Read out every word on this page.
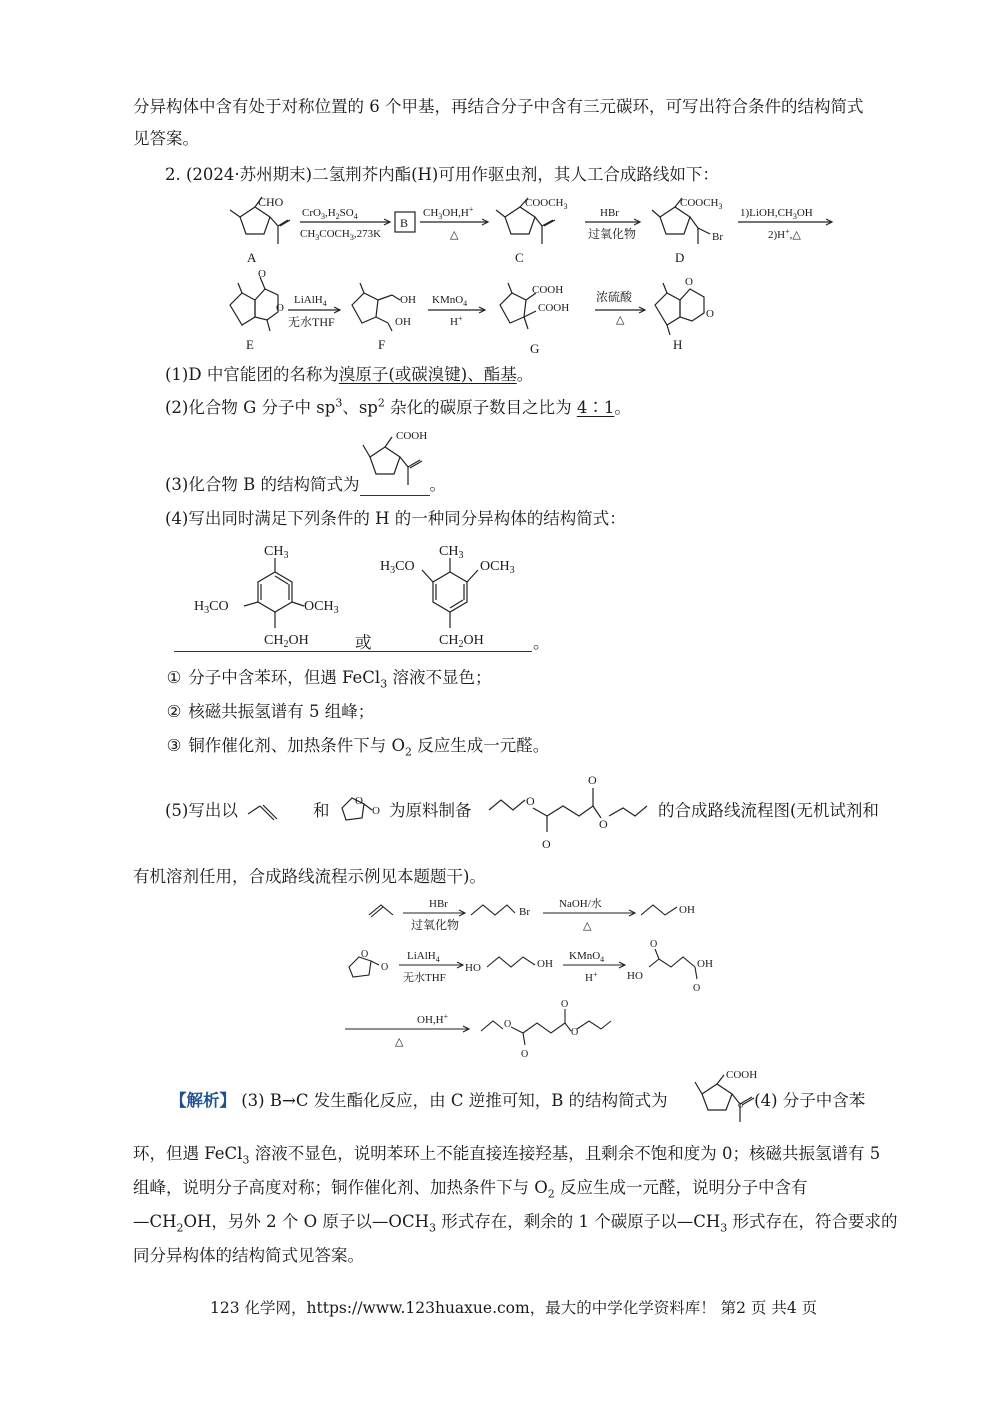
分异构体中含有处于对称位置的 6 个甲基，再结合分子中含有三元碳环，可写出符合条件的结构简式
见答案。
2. (2024·苏州期末)二氢荆芥内酯(H)可用作驱虫剂，其人工合成路线如下：
CHO
A
$CrO_3,H_2SO_4$
$CH_3COCH_3,273K$
B
$CH_3OH,H^+$
△
$COOCH_3$
C
HBr
过氧化物
$COOCH_3$
Br
D
$1)LiOH,CH_3OH$
2)H+,△
O
O
E
LiAlH$_4$
无水THF
OH
OH
F
KMnO$_4$
H+
COOH
COOH
G
浓硫酸
△
O
O
H
(1)D 中官能团的名称为溴原子(或碳溴键)、酯基。
(2)化合物 G 分子中 $sp^3$、$sp^2$ 杂化的碳原子数目之比为 4∶1。
(3)化合物 B 的结构简式为	。
COOH
(4)写出同时满足下列条件的 H 的一种同分异构体的结构简式：
$CH_3$
$H_3CO$	$OCH_3$
$CH_2OH$
$CH_3$
$H_3CO$	$OCH_3$
$CH_2OH$
或	。
① 分子中含苯环，但遇 FeCl$_3$ 溶液不显色；
② 核磁共振氢谱有 5 组峰；
③ 铜作催化剂、加热条件下与 $O_2$ 反应生成一元醛。
(5)写出以	和 O
O 为原料制备	O
O
O
O
的合成路线流程图(无机试剂和
有机溶剂任用，合成路线流程示例见本题题干)。
HBr
过氧化物
Br
NaOH/水
△
OH
O
O
LiAlH$_4$
无水THF
HO	OH
KMnO$_4$
H+	HO
O
OH
O
OH,H+
△
O
O
O
O
【解析】 (3) B→C 发生酯化反应，由 C 逆推可知，B 的结构简式为	。(4) 分子中含苯
COOH
环，但遇 FeCl$_3$ 溶液不显色，说明苯环上不能直接连接羟基，且剩余不饱和度为 0；核磁共振氢谱有 5
组峰，说明分子高度对称；铜作催化剂、加热条件下与 $O_2$ 反应生成一元醛，说明分子中含有
$—CH_2OH$，另外 2 个 O 原子以$—OCH_3$ 形式存在，剩余的 1 个碳原子以$—CH_3$ 形式存在，符合要求的
同分异构体的结构简式见答案。
123 化学网，https://www.123huaxue.com，最大的中学化学资料库！ 第2 页 共4 页
